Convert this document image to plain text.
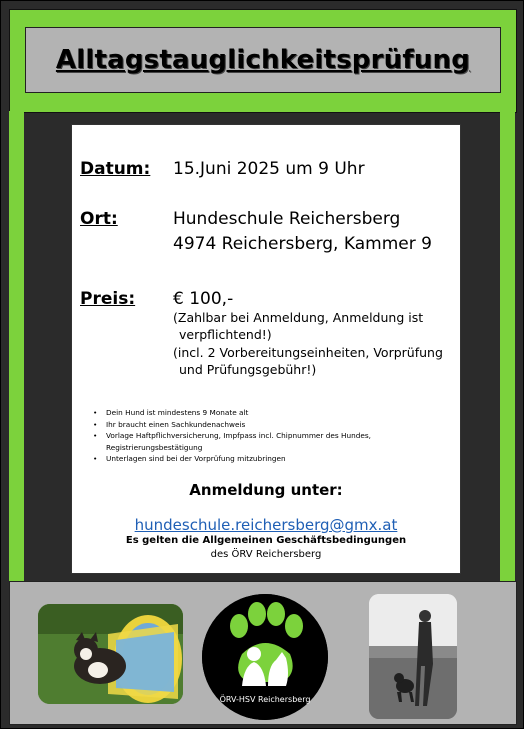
Alltagstauglichkeitsprüfung
Datum: 15.Juni 2025 um 9 Uhr
Ort:	Hundeschule Reichersberg
4974 Reichersberg, Kammer 9
Preis: € 100,-
(Zahlbar bei Anmeldung, Anmeldung ist
verpflichtend!)
(incl. 2 Vorbereitungseinheiten, Vorprüfung
und Prüfungsgebühr!)
• Dein Hund ist mindestens 9 Monate alt
• Ihr braucht einen Sachkundenachweis
• Vorlage Haftpflichversicherung, Impfpass incl. Chipnummer des Hundes,
Registrierungsbestätigung
• Unterlagen sind bei der Vorprüfung mitzubringen
Anmeldung unter:
hundeschule.reichersberg@gmx.at
Es gelten die Allgemeinen Geschäftsbedingungen
des ÖRV Reichersberg
ÖRV-HSV Reichersberg
